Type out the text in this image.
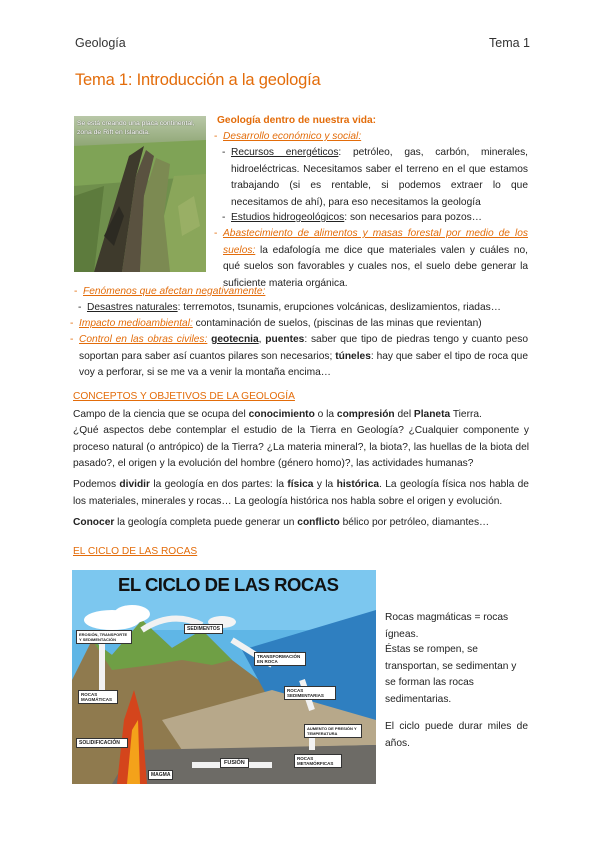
Geología	Tema 1
Tema 1: Introducción a la geología
Se está creando una placa continental, zona de Rift en Islandia.
Geología dentro de nuestra vida:
- Desarrollo económico y social:
- Recursos energéticos: petróleo, gas, carbón, minerales, hidroeléctricas. Necesitamos saber el terreno en el que estamos trabajando (si es rentable, si podemos extraer lo que necesitamos de ahí), para eso necesitamos la geología
- Estudios hidrogeológicos: son necesarios para pozos…
- Abastecimiento de alimentos y masas forestal por medio de los suelos: la edafología me dice que materiales valen y cuáles no, qué suelos son favorables y cuales nos, el suelo debe generar la suficiente materia orgánica.
- Fenómenos que afectan negativamente:
- Desastres naturales: terremotos, tsunamis, erupciones volcánicas, deslizamientos, riadas…
- Impacto medioambiental: contaminación de suelos, (piscinas de las minas que revientan)
- Control en las obras civiles: geotecnia, puentes: saber que tipo de piedras tengo y cuanto peso soportan para saber así cuantos pilares son necesarios; túneles: hay que saber el tipo de roca que voy a perforar, si se me va a venir la montaña encima…
CONCEPTOS Y OBJETIVOS DE LA GEOLOGÍA
Campo de la ciencia que se ocupa del conocimiento o la compresión del Planeta Tierra.
¿Qué aspectos debe contemplar el estudio de la Tierra en Geología? ¿Cualquier componente y proceso natural (o antrópico) de la Tierra? ¿La materia mineral?, la biota?, las huellas de la biota del pasado?, el origen y la evolución del hombre (género homo)?, las actividades humanas?
Podemos dividir la geología en dos partes: la física y la histórica. La geología física nos habla de los materiales, minerales y rocas… La geología histórica nos habla sobre el origen y evolución.
Conocer la geología completa puede generar un conflicto bélico por petróleo, diamantes…
EL CICLO DE LAS ROCAS
EL CICLO DE LAS ROCAS
SEDIMENTOS
EROSIÓN, TRANSPORTE Y SEDIMENTACIÓN
TRANSFORMACIÓN EN ROCA
ROCAS SEDIMENTARIAS
ROCAS MAGMÁTICAS
SOLIDIFICACIÓN
AUMENTO DE PRESIÓN Y TEMPERATURA
ROCAS METAMÓRFICAS
FUSIÓN
MAGMA
Rocas magmáticas = rocas ígneas.
Éstas se rompen, se transportan, se sedimentan y se forman las rocas sedimentarias.
El ciclo puede durar miles de años.
